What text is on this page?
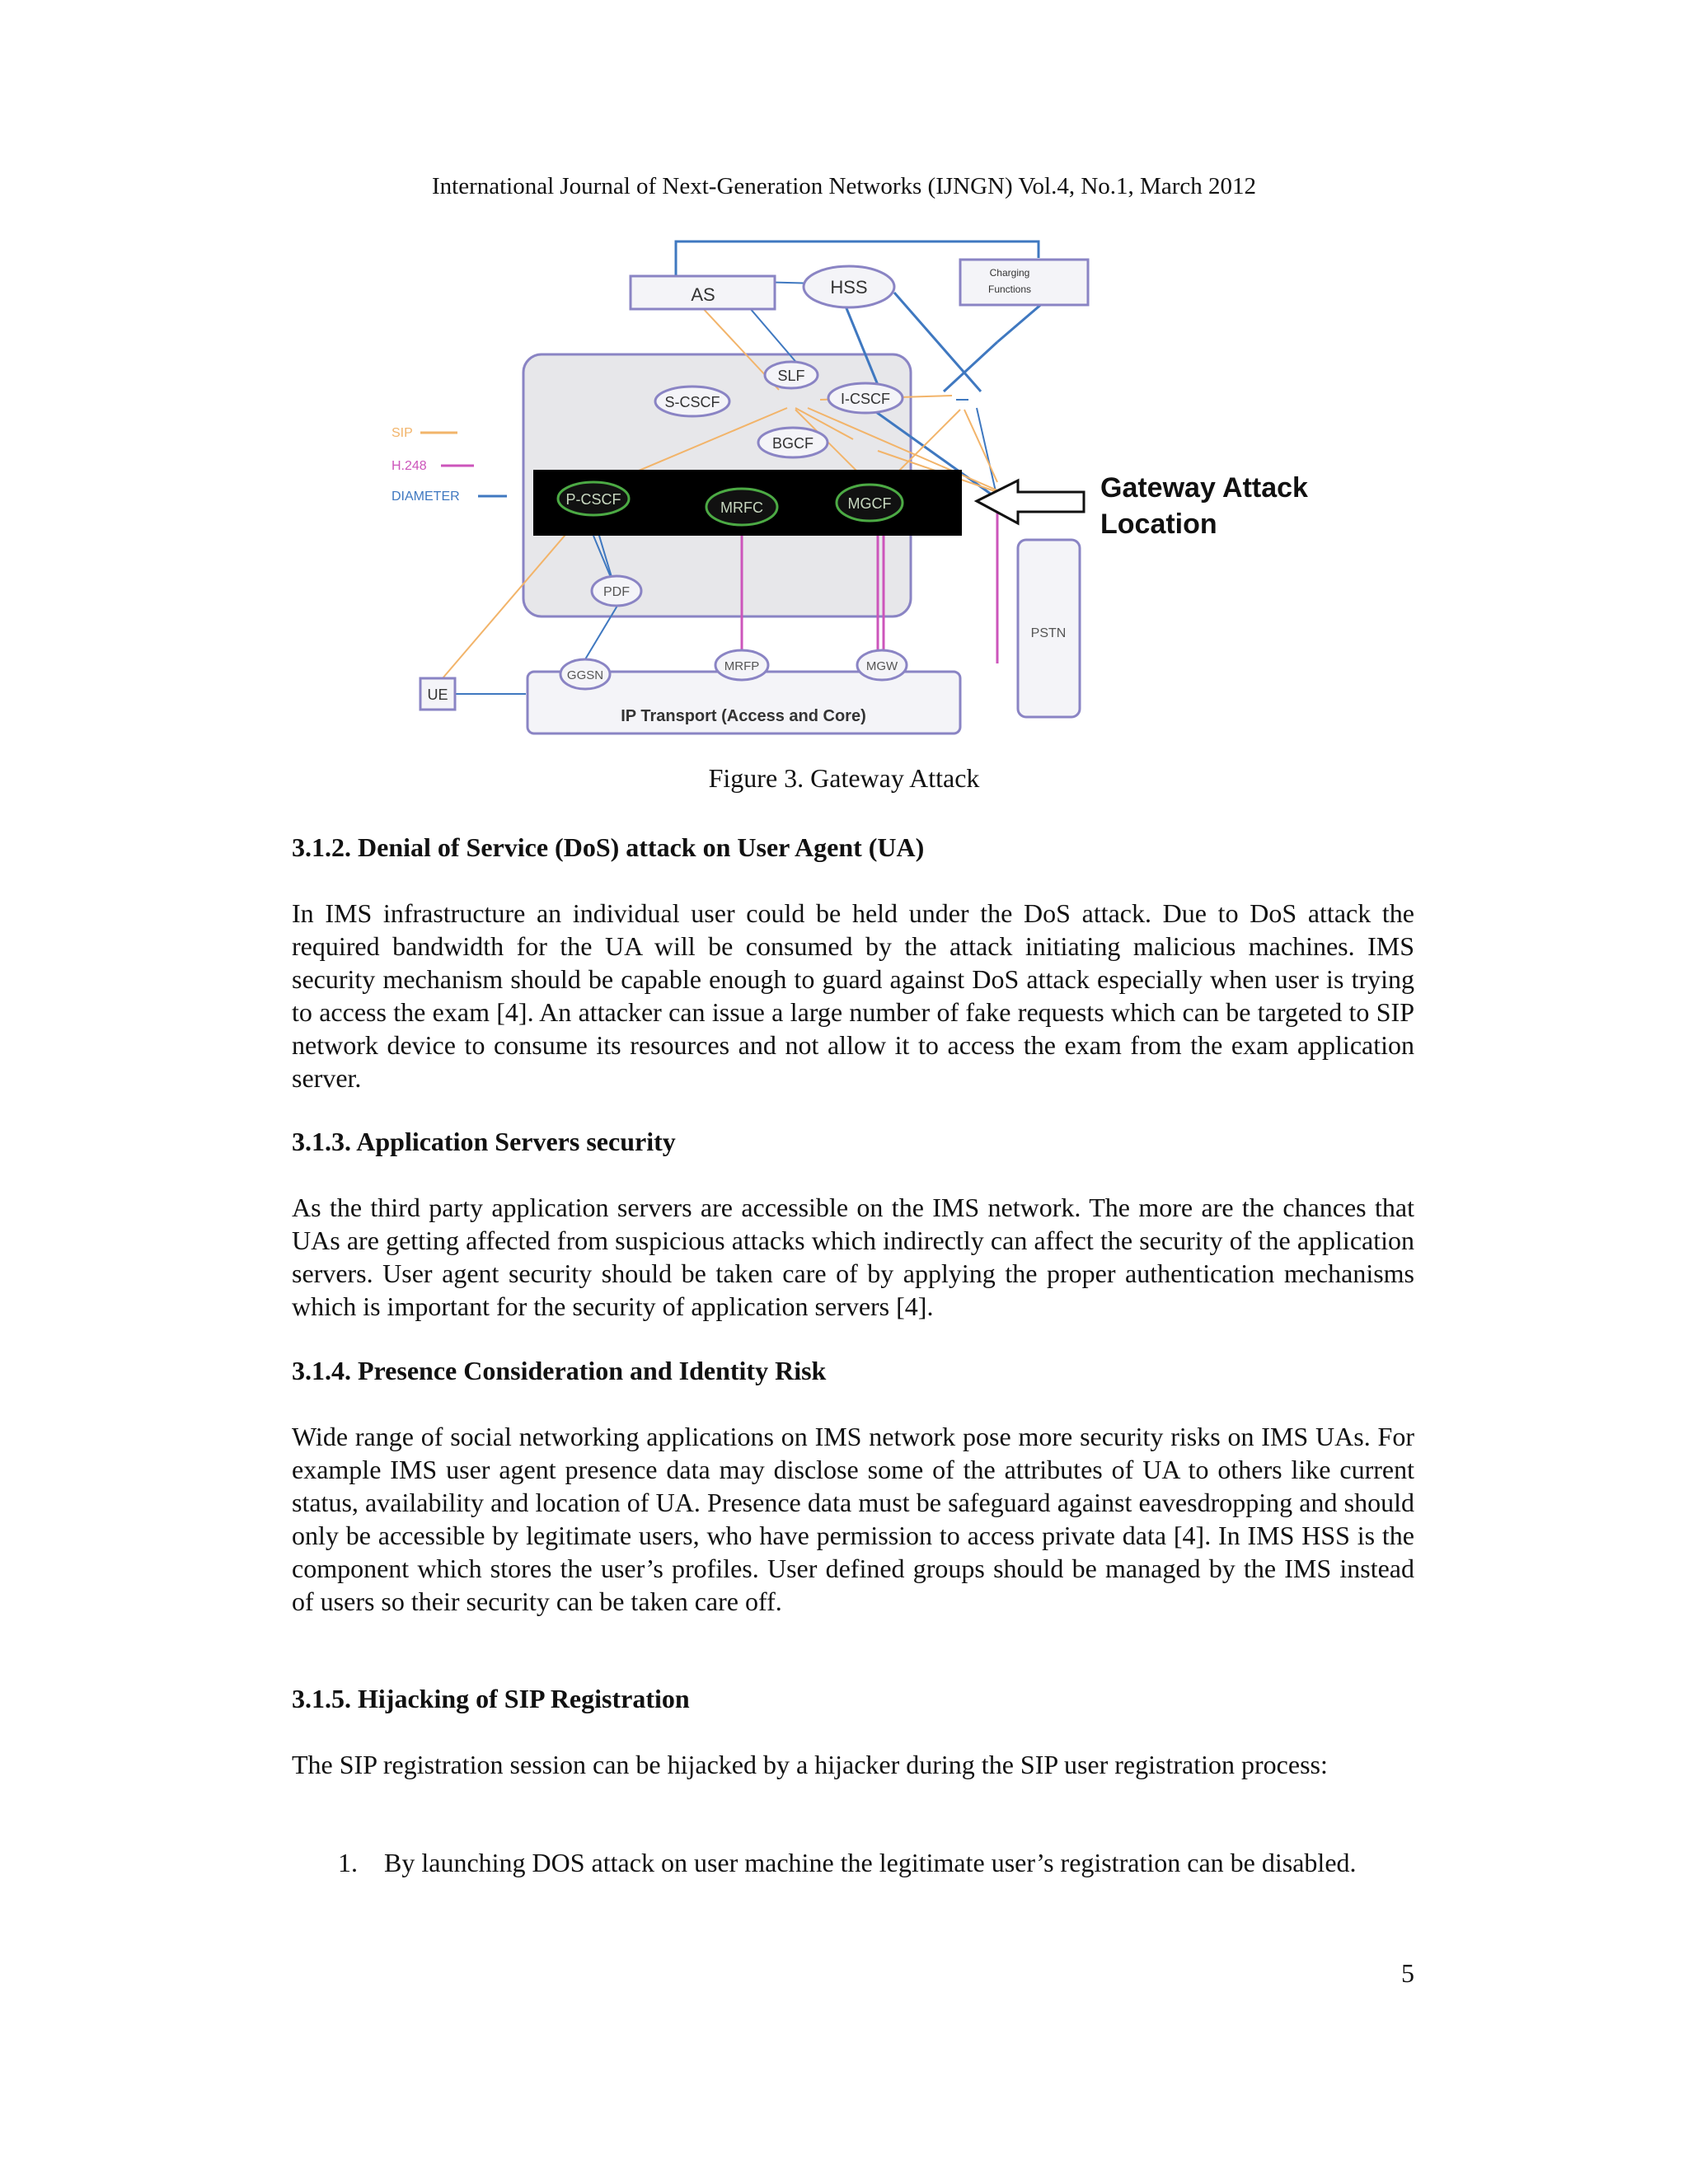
International Journal of Next-Generation Networks (IJNGN) Vol.4, No.1, March 2012
AS	HSS
Charging
Functions
SLF
S-CSCF	I-CSCF
BGCF
P-CSCF	MRFC	MGCF
PDF
PSTN
IP Transport (Access and Core)
GGSN
MRFP	MGW
UE
SIP
H.248
DIAMETER	Gateway Attack
Location
Figure 3. Gateway Attack
3.1.2. Denial of Service (DoS) attack on User Agent (UA)

In IMS infrastructure an individual user could be held under the DoS attack. Due to DoS attack the required bandwidth for the UA will be consumed by the attack initiating malicious machines. IMS security mechanism should be capable enough to guard against DoS attack especially when user is trying to access the exam [4]. An attacker can issue a large number of fake requests which can be targeted to SIP network device to consume its resources and not allow it to access the exam from the exam application server.

3.1.3. Application Servers security

As the third party application servers are accessible on the IMS network. The more are the chances that UAs are getting affected from suspicious attacks which indirectly can affect the security of the application servers. User agent security should be taken care of by applying the proper authentication mechanisms which is important for the security of application servers [4].

3.1.4. Presence Consideration and Identity Risk

Wide range of social networking applications on IMS network pose more security risks on IMS UAs. For example IMS user agent presence data may disclose some of the attributes of UA to others like current status, availability and location of UA. Presence data must be safeguard against eavesdropping and should only be accessible by legitimate users, who have permission to access private data [4]. In IMS HSS is the component which stores the user’s profiles. User defined groups should be managed by the IMS instead of users so their security can be taken care off.

3.1.5. Hijacking of SIP Registration

The SIP registration session can be hijacked by a hijacker during the SIP user registration process:

1. By launching DOS attack on user machine the legitimate user’s registration can be disabled.
5
